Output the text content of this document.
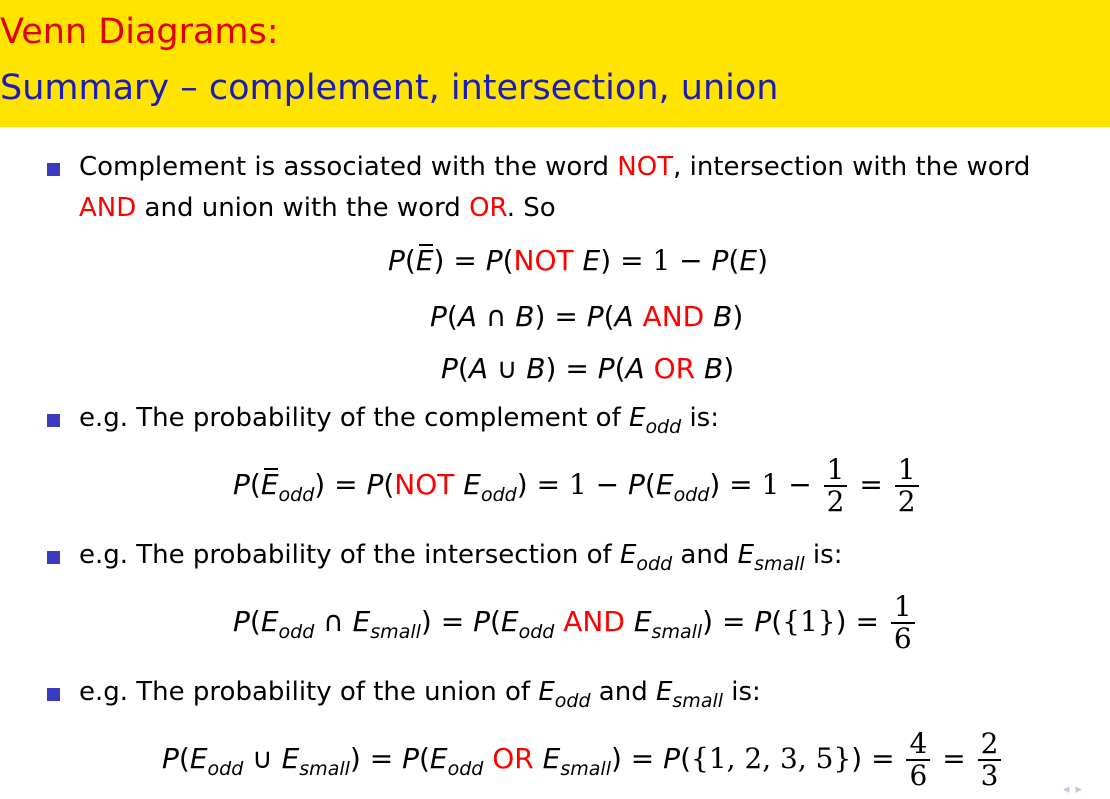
Venn Diagrams:
Summary – complement, intersection, union
Complement is associated with the word NOT, intersection with the word
AND and union with the word OR. So
P(E) = P(NOT E) = 1 − P(E)
P(A ∩ B) = P(A AND B)
P(A ∪ B) = P(A OR B)
e.g. The probability of the complement of $E_{odd}$ is:
$P(E_{odd}) = P(NOT$ $E_{odd}) = 1 - P(E_{odd}) = 1 - \frac{1}{2} = \frac{1}{2}$
e.g. The probability of the intersection of $E_{odd}$ and $E_{small}$ is:
$P(E_{odd}$ ∩ $E_{small}) = P(E_{odd}$ AND $E_{small}) = P(\{1\}) = \frac{1}{6}$
e.g. The probability of the union of $E_{odd}$ and $E_{small}$ is:
$P(E_{odd}$ ∪ $E_{small}) = P(E_{odd}$ OR $E_{small}) = P(\{1$, 2, 3, $5\}) = \frac{4}{6} = \frac{2}{3}$	◂▸
